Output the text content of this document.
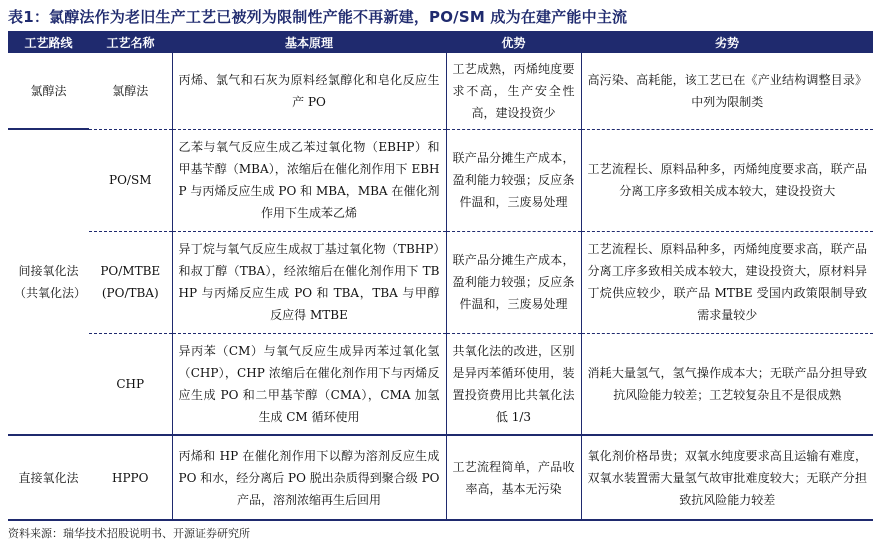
表1：氯醇法作为老旧生产工艺已被列为限制性产能不再新建，PO/SM 成为在建产能中主流
工艺路线	工艺名称	基本原理	优势	劣势
氯醇法	氯醇法	丙烯、氯气和石灰为原料经氯醇化和皂化反应生产 PO	工艺成熟，丙烯纯度要求不高，生产安全性高，建设投资少	高污染、高耗能，该工艺已在《产业结构调整目录》中列为限制类
间接氧化法（共氧化法）	PO/SM	乙苯与氧气反应生成乙苯过氧化物（EBHP）和甲基苄醇（MBA），浓缩后在催化剂作用下 EBHP 与丙烯反应生成 PO 和 MBA，MBA 在催化剂作用下生成苯乙烯	联产品分摊生产成本，盈利能力较强；反应条件温和，三废易处理	工艺流程长、原料品种多，丙烯纯度要求高，联产品分离工序多致相关成本较大，建设投资大
	PO/MTBE (PO/TBA)	异丁烷与氧气反应生成叔丁基过氧化物（TBHP）和叔丁醇（TBA），经浓缩后在催化剂作用下 TBHP 与丙烯反应生成 PO 和 TBA，TBA 与甲醇反应得 MTBE	联产品分摊生产成本，盈利能力较强；反应条件温和，三废易处理	工艺流程长、原料品种多，丙烯纯度要求高，联产品分离工序多致相关成本较大，建设投资大，原材料异丁烷供应较少，联产品 MTBE 受国内政策限制导致需求量较少
	CHP	异丙苯（CM）与氧气反应生成异丙苯过氧化氢（CHP），CHP 浓缩后在催化剂作用下与丙烯反应生成 PO 和二甲基苄醇（CMA），CMA 加氢生成 CM 循环使用	共氧化法的改进，区别是异丙苯循环使用，装置投资费用比共氧化法低 1/3	消耗大量氢气，氢气操作成本大；无联产品分担导致抗风险能力较差；工艺较复杂且不是很成熟
直接氧化法	HPPO	丙烯和 HP 在催化剂作用下以醇为溶剂反应生成 PO 和水，经分离后 PO 脱出杂质得到聚合级 PO 产品，溶剂浓缩再生后回用	工艺流程简单，产品收率高，基本无污染	氧化剂价格昂贵；双氧水纯度要求高且运输有难度，双氧水装置需大量氢气故审批难度较大；无联产分担致抗风险能力较差
资料来源：瑞华技术招股说明书、开源证券研究所
